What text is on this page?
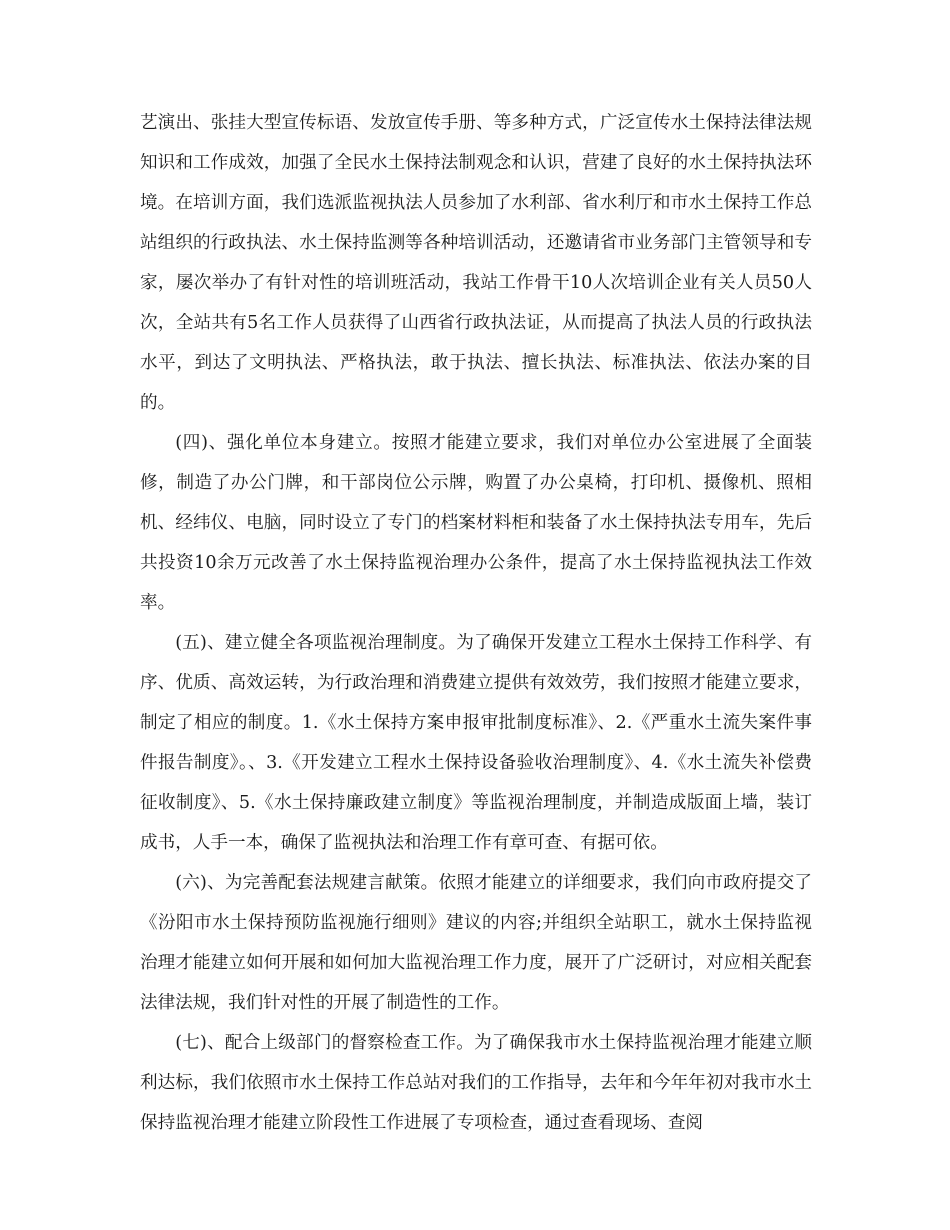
艺演出、张挂大型宣传标语、发放宣传手册、等多种方式，广泛宣传水土保持法律法规知识和工作成效，加强了全民水土保持法制观念和认识，营建了良好的水土保持执法环境。在培训方面，我们选派监视执法人员参加了水利部、省水利厅和市水土保持工作总站组织的行政执法、水土保持监测等各种培训活动，还邀请省市业务部门主管领导和专家，屡次举办了有针对性的培训班活动，我站工作骨干10人次培训企业有关人员50人次，全站共有5名工作人员获得了山西省行政执法证，从而提高了执法人员的行政执法水平，到达了文明执法、严格执法，敢于执法、擅长执法、标准执法、依法办案的目的。

(四)、强化单位本身建立。按照才能建立要求，我们对单位办公室进展了全面装修，制造了办公门牌，和干部岗位公示牌，购置了办公桌椅，打印机、摄像机、照相机、经纬仪、电脑，同时设立了专门的档案材料柜和装备了水土保持执法专用车，先后共投资10余万元改善了水土保持监视治理办公条件，提高了水土保持监视执法工作效率。

(五)、建立健全各项监视治理制度。为了确保开发建立工程水土保持工作科学、有序、优质、高效运转，为行政治理和消费建立提供有效效劳，我们按照才能建立要求，制定了相应的制度。1.《水土保持方案申报审批制度标准》、2.《严重水土流失案件事件报告制度》。、3.《开发建立工程水土保持设备验收治理制度》、4.《水土流失补偿费征收制度》、5.《水土保持廉政建立制度》等监视治理制度，并制造成版面上墙，装订成书，人手一本，确保了监视执法和治理工作有章可查、有据可依。

(六)、为完善配套法规建言献策。依照才能建立的详细要求，我们向市政府提交了《汾阳市水土保持预防监视施行细则》建议的内容;并组织全站职工，就水土保持监视治理才能建立如何开展和如何加大监视治理工作力度，展开了广泛研讨，对应相关配套法律法规，我们针对性的开展了制造性的工作。

(七)、配合上级部门的督察检查工作。为了确保我市水土保持监视治理才能建立顺利达标，我们依照市水土保持工作总站对我们的工作指导，去年和今年年初对我市水土保持监视治理才能建立阶段性工作进展了专项检查，通过查看现场、查阅
